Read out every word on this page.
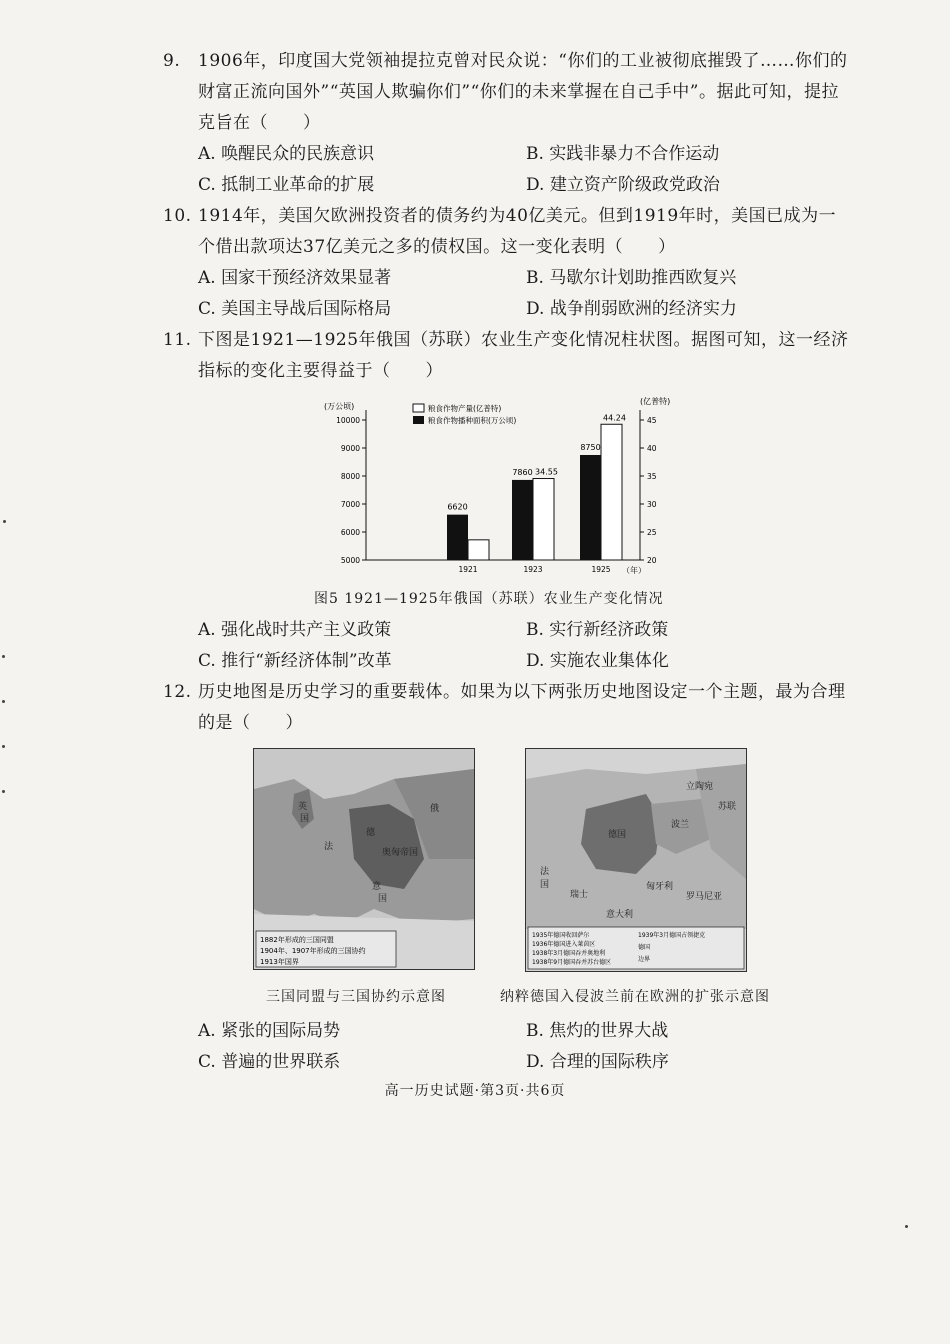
9. 1906年，印度国大党领袖提拉克曾对民众说：“你们的工业被彻底摧毁了……你们的财富正流向国外”“英国人欺骗你们”“你们的未来掌握在自己手中”。据此可知，提拉克旨在（　　）
A. 唤醒民众的民族意识	B. 实践非暴力不合作运动
C. 抵制工业革命的扩展	D. 建立资产阶级政党政治
10. 1914年，美国欠欧洲投资者的债务约为40亿美元。但到1919年时，美国已成为一个借出款项达37亿美元之多的债权国。这一变化表明（　　）
A. 国家干预经济效果显著	B. 马歇尔计划助推西欧复兴
C. 美国主导战后国际格局	D. 战争削弱欧洲的经济实力
11. 下图是1921—1925年俄国（苏联）农业生产变化情况柱状图。据图可知，这一经济指标的变化主要得益于（　　）
(万公顷)
(亿普特)
粮食作物产量(亿普特)
粮食作物播种面积(万公顷)
5000
6000
7000
8000
9000
10000
20
25
30
35
40
45
6620
1921
7860 34.55
1923
8750
44.24
1925 （年）
图5 1921—1925年俄国（苏联）农业生产变化情况
A. 强化战时共产主义政策	B. 实行新经济政策
C. 推行“新经济体制”改革	D. 实施农业集体化
12. 历史地图是历史学习的重要载体。如果为以下两张历史地图设定一个主题，最为合理的是（　　）
英
国
法
德
俄
奥匈帝国
意
国
1882年形成的三国同盟
1904年、1907年形成的三国协约
1913年国界
德国
波兰
苏联
法
国
立陶宛
匈牙利
罗马尼亚
瑞士
意大利
1935年德国收回萨尔
1936年德国进入莱茵区
1938年3月德国吞并奥地利
1938年9月德国吞并苏台德区
1939年3月德国占领捷克
德国
边界
三国同盟与三国协约示意图	纳粹德国入侵波兰前在欧洲的扩张示意图
A. 紧张的国际局势	B. 焦灼的世界大战
C. 普遍的世界联系	D. 合理的国际秩序
高一历史试题·第3页·共6页
